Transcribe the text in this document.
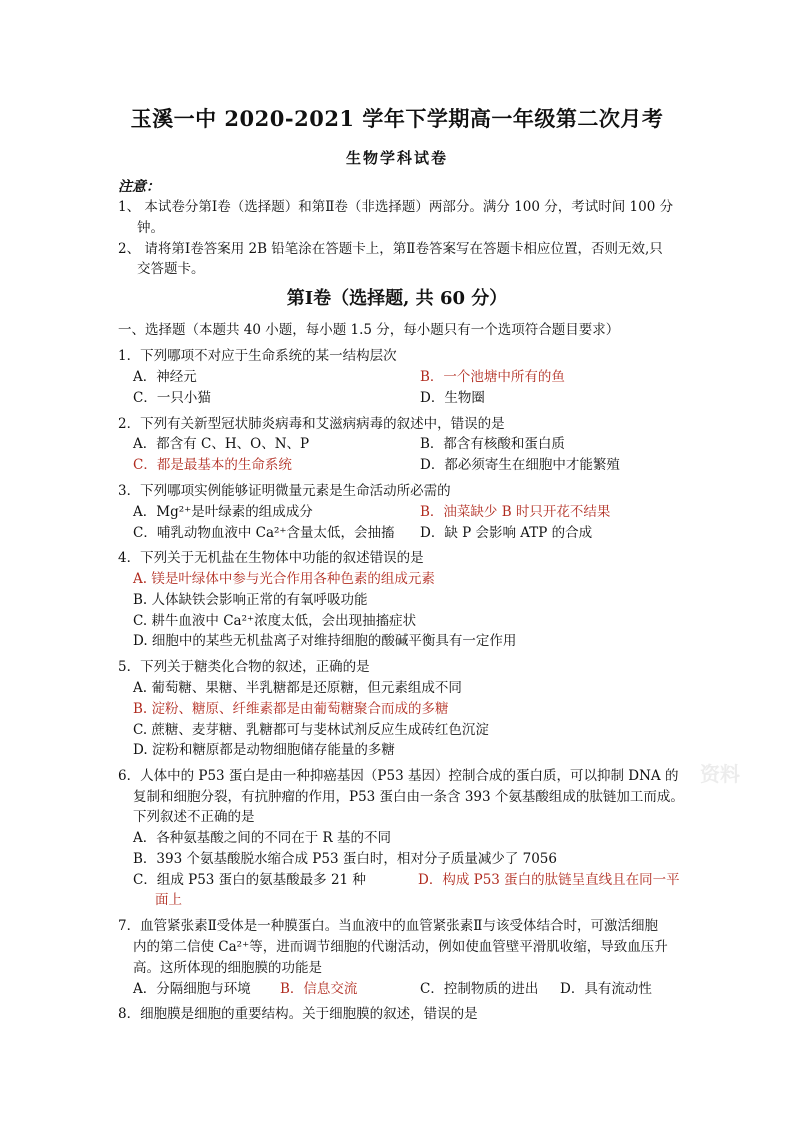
玉溪一中 2020-2021 学年下学期高一年级第二次月考
生物学科试卷
注意：
1、 本试卷分第Ⅰ卷（选择题）和第Ⅱ卷（非选择题）两部分。满分 100 分，考试时间 100 分
钟。
2、 请将第Ⅰ卷答案用 2B 铅笔涂在答题卡上，第Ⅱ卷答案写在答题卡相应位置，否则无效,只
交答题卡。
第Ⅰ卷（选择题, 共 60 分）
一、选择题（本题共 40 小题，每小题 1.5 分，每小题只有一个选项符合题目要求）
1．下列哪项不对应于生命系统的某一结构层次
A．神经元	B．一个池塘中所有的鱼
C．一只小猫	D．生物圈
2．下列有关新型冠状肺炎病毒和艾滋病病毒的叙述中，错误的是
A．都含有 C、H、O、N、P	B．都含有核酸和蛋白质
C．都是最基本的生命系统	D．都必须寄生在细胞中才能繁殖
3．下列哪项实例能够证明微量元素是生命活动所必需的
A．Mg²⁺是叶绿素的组成成分	B．油菜缺少 B 时只开花不结果
C．哺乳动物血液中 Ca²⁺含量太低，会抽搐 D．缺 P 会影响 ATP 的合成
4．下列关于无机盐在生物体中功能的叙述错误的是
A. 镁是叶绿体中参与光合作用各种色素的组成元素
B. 人体缺铁会影响正常的有氧呼吸功能
C. 耕牛血液中 Ca²⁺浓度太低，会出现抽搐症状
D. 细胞中的某些无机盐离子对维持细胞的酸碱平衡具有一定作用
5．下列关于糖类化合物的叙述，正确的是
A. 葡萄糖、果糖、半乳糖都是还原糖，但元素组成不同
B. 淀粉、糖原、纤维素都是由葡萄糖聚合而成的多糖
C. 蔗糖、麦芽糖、乳糖都可与斐林试剂反应生成砖红色沉淀
D. 淀粉和糖原都是动物细胞储存能量的多糖
6．人体中的 P53 蛋白是由一种抑癌基因（P53 基因）控制合成的蛋白质，可以抑制 DNA 的
复制和细胞分裂，有抗肿瘤的作用，P53 蛋白由一条含 393 个氨基酸组成的肽链加工而成。
下列叙述不正确的是
A．各种氨基酸之间的不同在于 R 基的不同
B．393 个氨基酸脱水缩合成 P53 蛋白时，相对分子质量减少了 7056
C．组成 P53 蛋白的氨基酸最多 21 种	D．构成 P53 蛋白的肽链呈直线且在同一平
面上
7．血管紧张素Ⅱ受体是一种膜蛋白。当血液中的血管紧张素Ⅱ与该受体结合时，可激活细胞
内的第二信使 Ca²⁺等，进而调节细胞的代谢活动，例如使血管壁平滑肌收缩，导致血压升
高。这所体现的细胞膜的功能是
A．分隔细胞与环境 B．信息交流	C．控制物质的进出 D．具有流动性
8．细胞膜是细胞的重要结构。关于细胞膜的叙述，错误的是
资料
